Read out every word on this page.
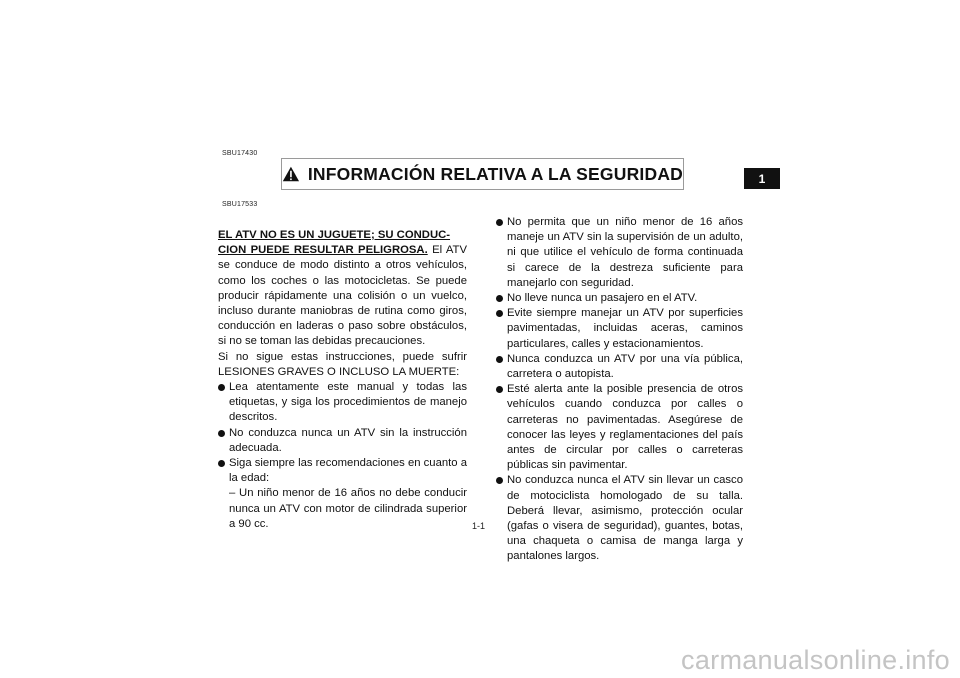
SBU17430
INFORMACIÓN RELATIVA A LA SEGURIDAD	1
SBU17533

EL ATV NO ES UN JUGUETE; SU CONDUC-
CION PUEDE RESULTAR PELIGROSA. El ATV se conduce de modo distinto a otros vehículos, como los coches o las motocicletas. Se puede producir rápidamente una colisión o un vuelco, incluso durante maniobras de rutina como giros, conducción en laderas o paso sobre obstáculos, si no se toman las debidas precauciones.

Si no sigue estas instrucciones, puede sufrir LESIONES GRAVES O INCLUSO LA MUERTE:

Lea atentamente este manual y todas las etiquetas, y siga los procedimientos de manejo descritos.
No conduzca nunca un ATV sin la instrucción adecuada.
Siga siempre las recomendaciones en cuanto a la edad:
– Un niño menor de 16 años no debe conducir nunca un ATV con motor de cilindrada superior a 90 cc.
No permita que un niño menor de 16 años maneje un ATV sin la supervisión de un adulto, ni que utilice el vehículo de forma continuada si carece de la destreza suficiente para manejarlo con seguridad.
No lleve nunca un pasajero en el ATV.
Evite siempre manejar un ATV por superficies pavimentadas, incluidas aceras, caminos particulares, calles y estacionamientos.
Nunca conduzca un ATV por una vía pública, carretera o autopista.
Esté alerta ante la posible presencia de otros vehículos cuando conduzca por calles o carreteras no pavimentadas. Asegúrese de conocer las leyes y reglamentaciones del país antes de circular por calles o carreteras públicas sin pavimentar.
No conduzca nunca el ATV sin llevar un casco de motociclista homologado de su talla. Deberá llevar, asimismo, protección ocular (gafas o visera de seguridad), guantes, botas, una chaqueta o camisa de manga larga y pantalones largos.
1-1
carmanualsonline.info
